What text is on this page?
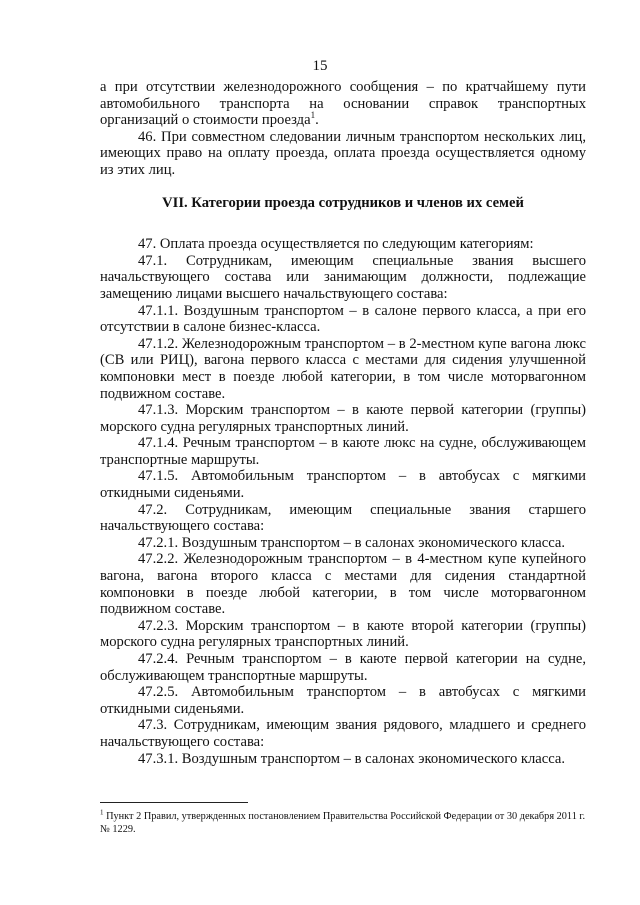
15

а при отсутствии железнодорожного сообщения – по кратчайшему пути автомобильного транспорта на основании справок транспортных организаций о стоимости проезда$^1$.

46. При совместном следовании личным транспортом нескольких лиц, имеющих право на оплату проезда, оплата проезда осуществляется одному из этих лиц.

VII. Категории проезда сотрудников и членов их семей

47. Оплата проезда осуществляется по следующим категориям:

47.1. Сотрудникам, имеющим специальные звания высшего начальствующего состава или занимающим должности, подлежащие замещению лицами высшего начальствующего состава:

47.1.1. Воздушным транспортом – в салоне первого класса, а при его отсутствии в салоне бизнес-класса.

47.1.2. Железнодорожным транспортом – в 2-местном купе вагона люкс (СВ или РИЦ), вагона первого класса с местами для сидения улучшенной компоновки мест в поезде любой категории, в том числе моторвагонном подвижном составе.

47.1.3. Морским транспортом – в каюте первой категории (группы) морского судна регулярных транспортных линий.

47.1.4. Речным транспортом – в каюте люкс на судне, обслуживающем транспортные маршруты.

47.1.5. Автомобильным транспортом – в автобусах с мягкими откидными сиденьями.

47.2. Сотрудникам, имеющим специальные звания старшего начальствующего состава:

47.2.1. Воздушным транспортом – в салонах экономического класса.

47.2.2. Железнодорожным транспортом – в 4-местном купе купейного вагона, вагона второго класса с местами для сидения стандартной компоновки в поезде любой категории, в том числе моторвагонном подвижном составе.

47.2.3. Морским транспортом – в каюте второй категории (группы) морского судна регулярных транспортных линий.

47.2.4. Речным транспортом – в каюте первой категории на судне, обслуживающем транспортные маршруты.

47.2.5. Автомобильным транспортом – в автобусах с мягкими откидными сиденьями.

47.3. Сотрудникам, имеющим звания рядового, младшего и среднего начальствующего состава:

47.3.1. Воздушным транспортом – в салонах экономического класса.

$^1$ Пункт 2 Правил, утвержденных постановлением Правительства Российской Федерации от 30 декабря 2011 г. № 1229.
